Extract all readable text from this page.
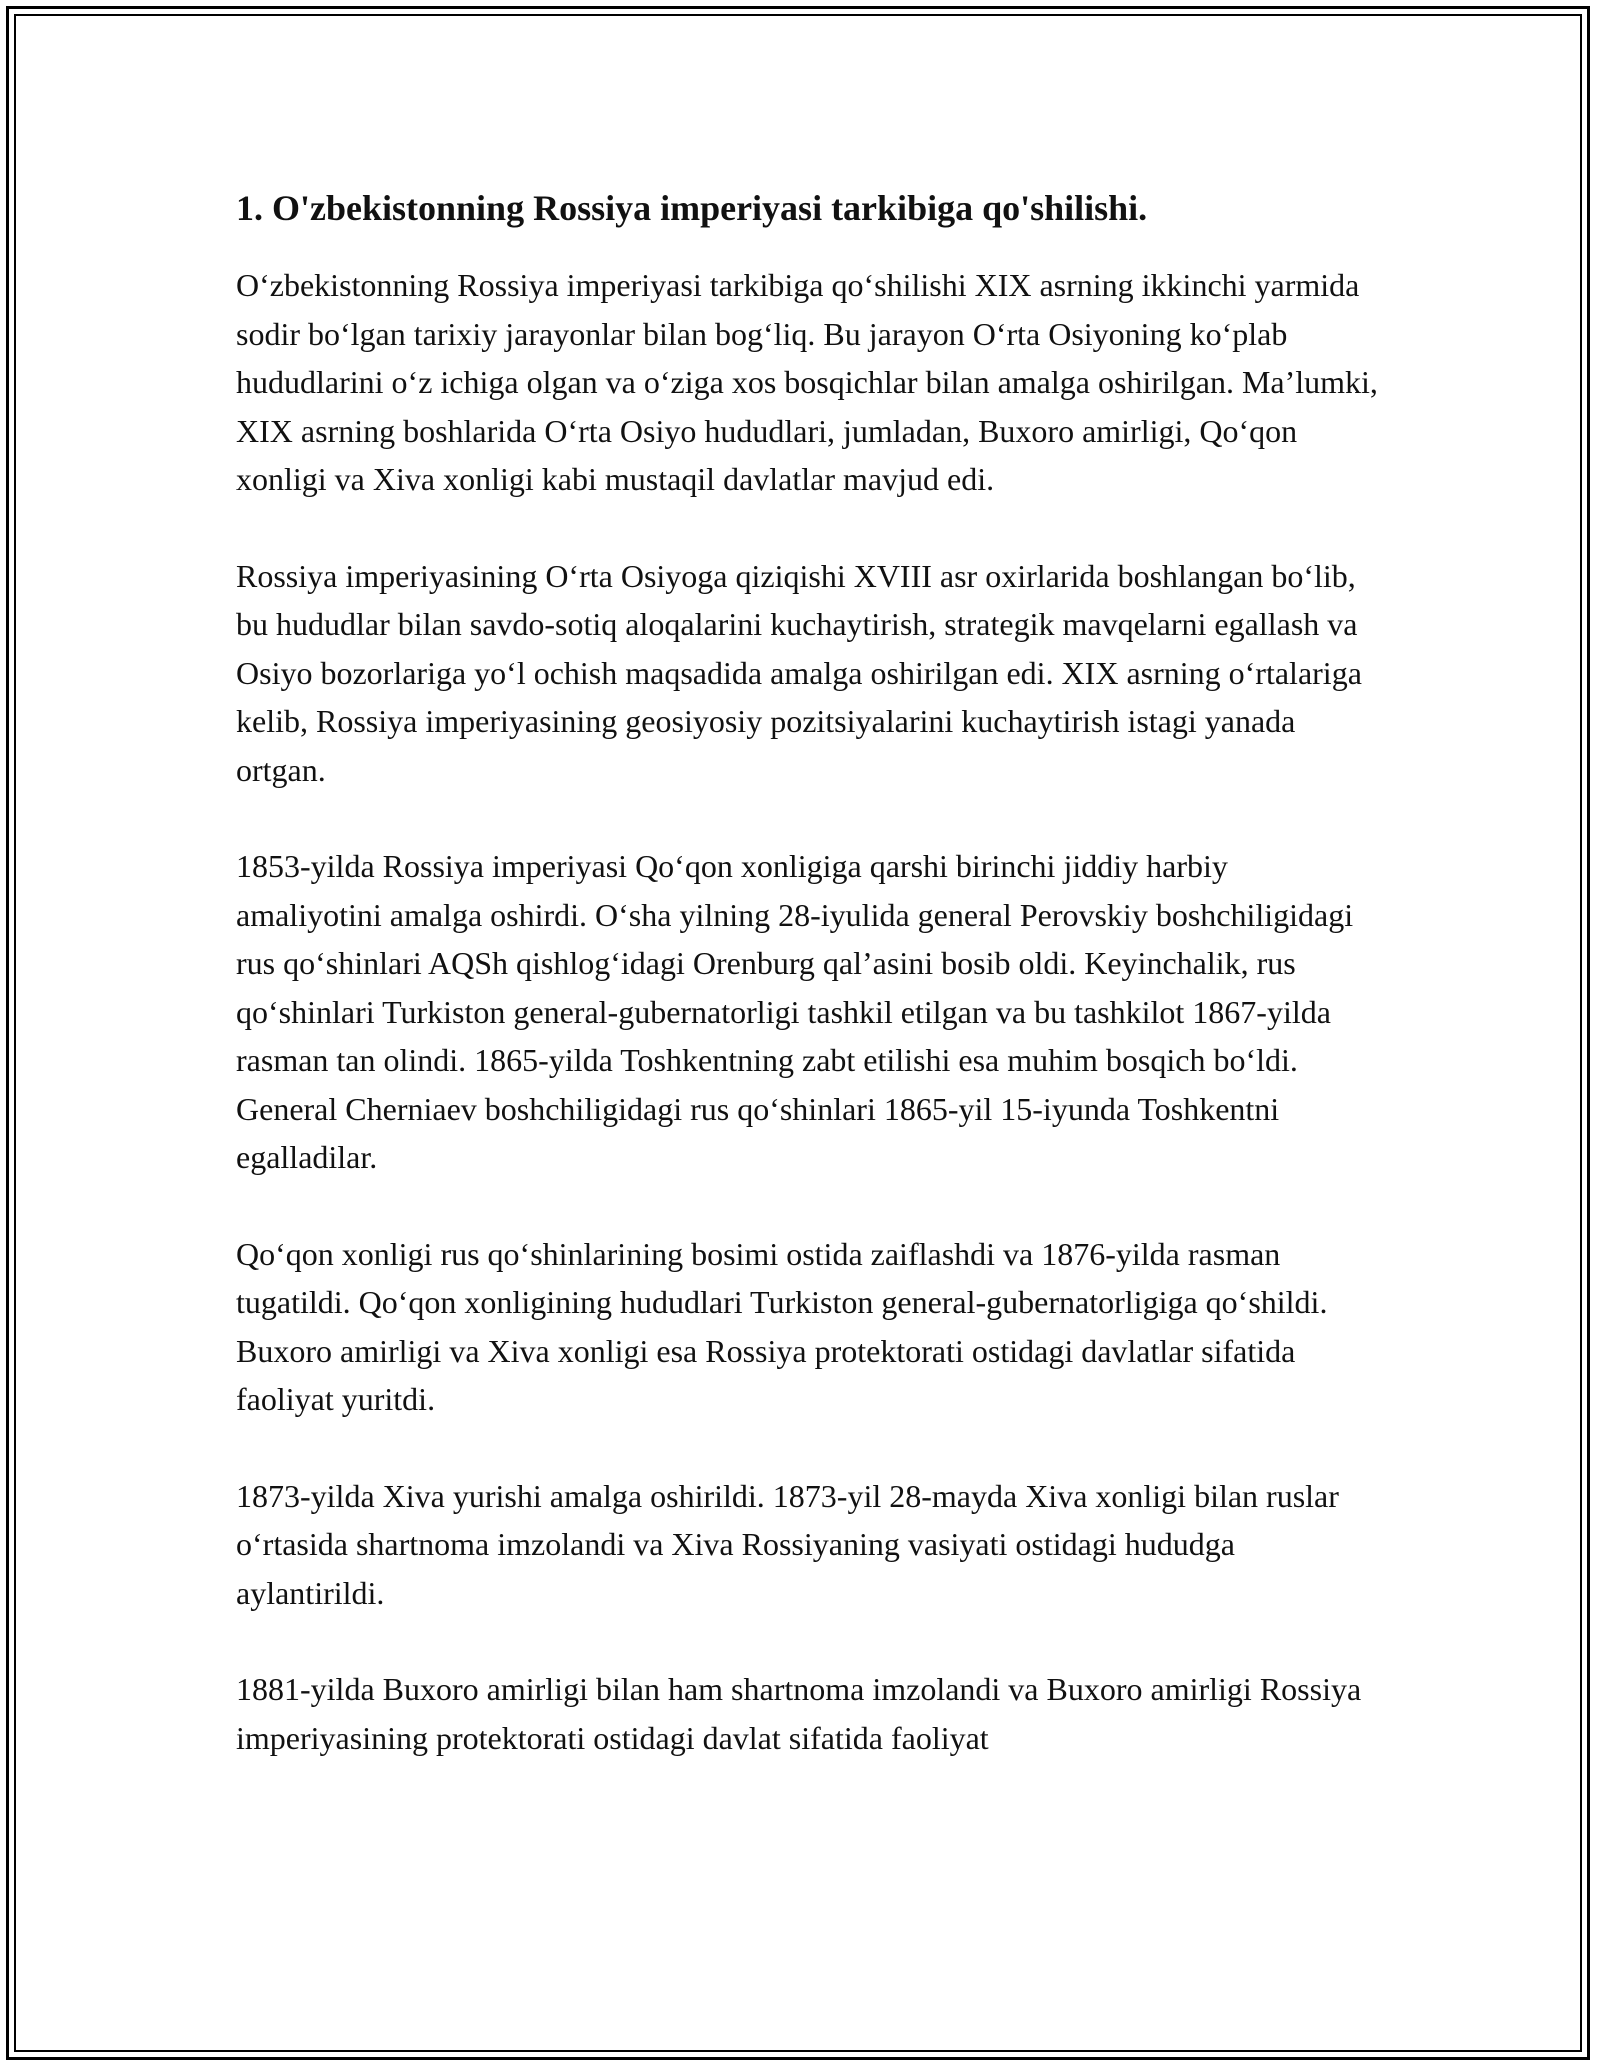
1. O'zbekistonning Rossiya imperiyasi tarkibiga qo'shilishi.

O‘zbekistonning Rossiya imperiyasi tarkibiga qo‘shilishi XIX asrning ikkinchi yarmida sodir bo‘lgan tarixiy jarayonlar bilan bog‘liq. Bu jarayon O‘rta Osiyoning ko‘plab hududlarini o‘z ichiga olgan va o‘ziga xos bosqichlar bilan amalga oshirilgan. Ma’lumki, XIX asrning boshlarida O‘rta Osiyo hududlari, jumladan, Buxoro amirligi, Qo‘qon xonligi va Xiva xonligi kabi mustaqil davlatlar mavjud edi.

Rossiya imperiyasining O‘rta Osiyoga qiziqishi XVIII asr oxirlarida boshlangan bo‘lib, bu hududlar bilan savdo-sotiq aloqalarini kuchaytirish, strategik mavqelarni egallash va Osiyo bozorlariga yo‘l ochish maqsadida amalga oshirilgan edi. XIX asrning o‘rtalariga kelib, Rossiya imperiyasining geosiyosiy pozitsiyalarini kuchaytirish istagi yanada ortgan.

1853-yilda Rossiya imperiyasi Qo‘qon xonligiga qarshi birinchi jiddiy harbiy amaliyotini amalga oshirdi. O‘sha yilning 28-iyulida general Perovskiy boshchiligidagi rus qo‘shinlari AQSh qishlog‘idagi Orenburg qal’asini bosib oldi. Keyinchalik, rus qo‘shinlari Turkiston general-gubernatorligi tashkil etilgan va bu tashkilot 1867-yilda rasman tan olindi. 1865-yilda Toshkentning zabt etilishi esa muhim bosqich bo‘ldi. General Cherniaev boshchiligidagi rus qo‘shinlari 1865-yil 15-iyunda Toshkentni egalladilar.

Qo‘qon xonligi rus qo‘shinlarining bosimi ostida zaiflashdi va 1876-yilda rasman tugatildi. Qo‘qon xonligining hududlari Turkiston general-gubernatorligiga qo‘shildi. Buxoro amirligi va Xiva xonligi esa Rossiya protektorati ostidagi davlatlar sifatida faoliyat yuritdi.

1873-yilda Xiva yurishi amalga oshirildi. 1873-yil 28-mayda Xiva xonligi bilan ruslar o‘rtasida shartnoma imzolandi va Xiva Rossiyaning vasiyati ostidagi hududga aylantirildi.

1881-yilda Buxoro amirligi bilan ham shartnoma imzolandi va Buxoro amirligi Rossiya imperiyasining protektorati ostidagi davlat sifatida faoliyat
